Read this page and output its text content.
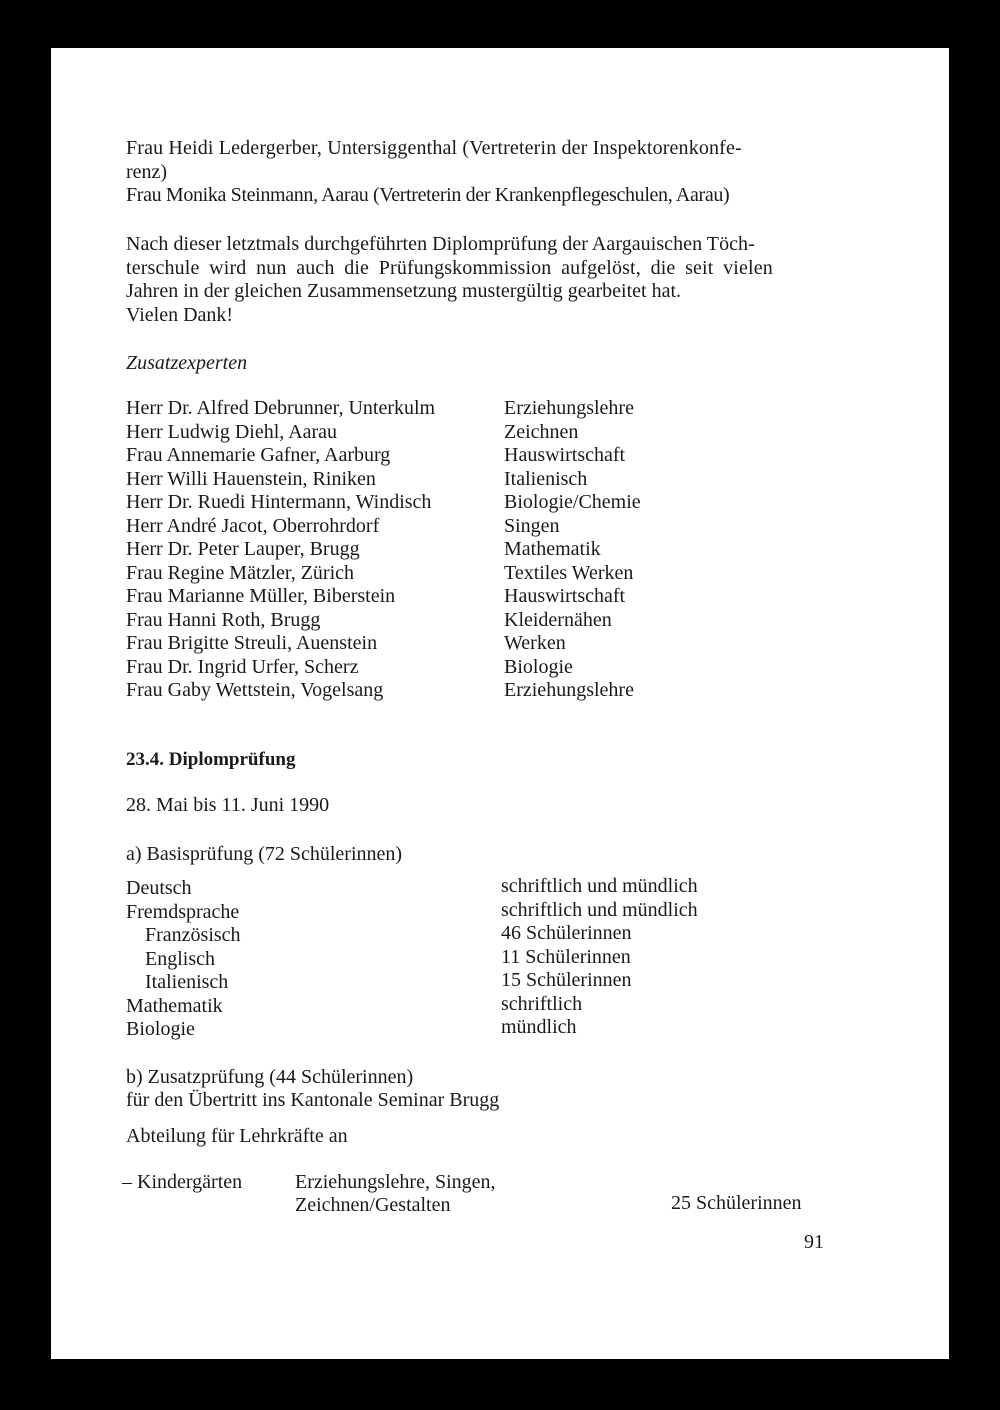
Frau Heidi Ledergerber, Untersiggenthal (Vertreterin der Inspektorenkonfe-
renz)
Frau Monika Steinmann, Aarau (Vertreterin der Krankenpflegeschulen, Aarau)
Nach dieser letztmals durchgeführten Diplomprüfung der Aargauischen Töch-
terschule wird nun auch die Prüfungskommission aufgelöst, die seit vielen
Jahren in der gleichen Zusammensetzung mustergültig gearbeitet hat.
Vielen Dank!
Zusatzexperten
Herr Dr. Alfred Debrunner, Unterkulm
Herr Ludwig Diehl, Aarau
Frau Annemarie Gafner, Aarburg
Herr Willi Hauenstein, Riniken
Herr Dr. Ruedi Hintermann, Windisch
Herr André Jacot, Oberrohrdorf
Herr Dr. Peter Lauper, Brugg
Frau Regine Mätzler, Zürich
Frau Marianne Müller, Biberstein
Frau Hanni Roth, Brugg
Frau Brigitte Streuli, Auenstein
Frau Dr. Ingrid Urfer, Scherz
Frau Gaby Wettstein, Vogelsang
Erziehungslehre
Zeichnen
Hauswirtschaft
Italienisch
Biologie/Chemie
Singen
Mathematik
Textiles Werken
Hauswirtschaft
Kleidernähen
Werken
Biologie
Erziehungslehre
23.4. Diplomprüfung
28. Mai bis 11. Juni 1990
a) Basisprüfung (72 Schülerinnen)
Deutsch
Fremdsprache
Französisch
Englisch
Italienisch
Mathematik
Biologie
schriftlich und mündlich
schriftlich und mündlich
46 Schülerinnen
11 Schülerinnen
15 Schülerinnen
schriftlich
mündlich
b) Zusatzprüfung (44 Schülerinnen)
für den Übertritt ins Kantonale Seminar Brugg
Abteilung für Lehrkräfte an
– Kindergärten	Erziehungslehre, Singen,
Zeichnen/Gestalten	25 Schülerinnen
91
